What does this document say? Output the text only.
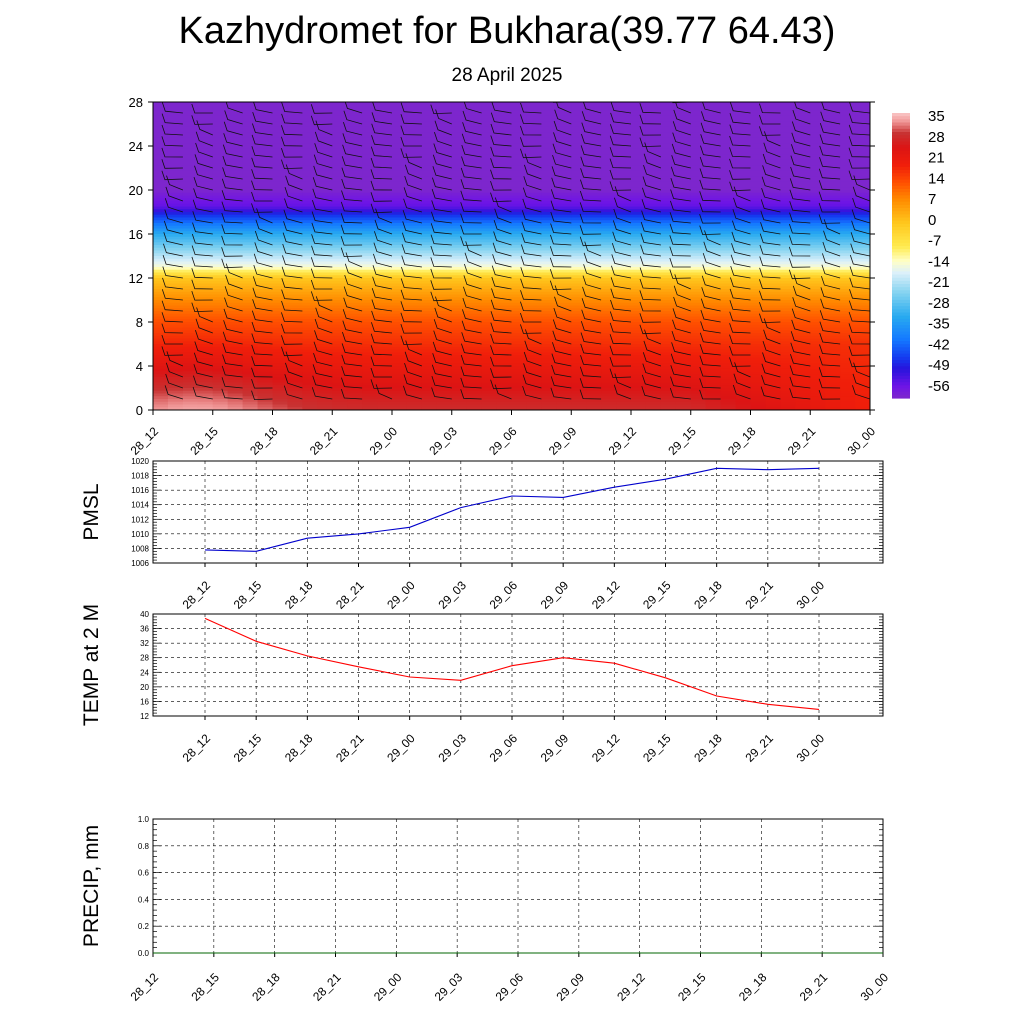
Kazhydromet for Bukhara(39.77 64.43)
28 April 2025
0
4
8
12
16
20
24
28
28_12 28_15 28_18 28_21 29_00 29_03 29_06 29_09 29_12 29_15 29_18 29_21 30_00
35
28
21
14
7
0
-7
-14
-21
-28
-35
-42
-49
-56
1006
1008
1010
1012
1014
1016
1018
1020
28_12 28_15 28_18 28_21 29_00 29_03 29_06 29_09 29_12 29_15 29_18 29_21 30_00
PMSL
12
16
20
24
28
32
36
40
28_12 28_15 28_18 28_21 29_00 29_03 29_06 29_09 29_12 29_15 29_18 29_21 30_00
TEMP at 2 M
0.0
0.2
0.4
0.6
0.8
1.0
28_12 28_15 28_18 28_21 29_00 29_03 29_06 29_09 29_12 29_15 29_18 29_21 30_00
PRECIP, mm
